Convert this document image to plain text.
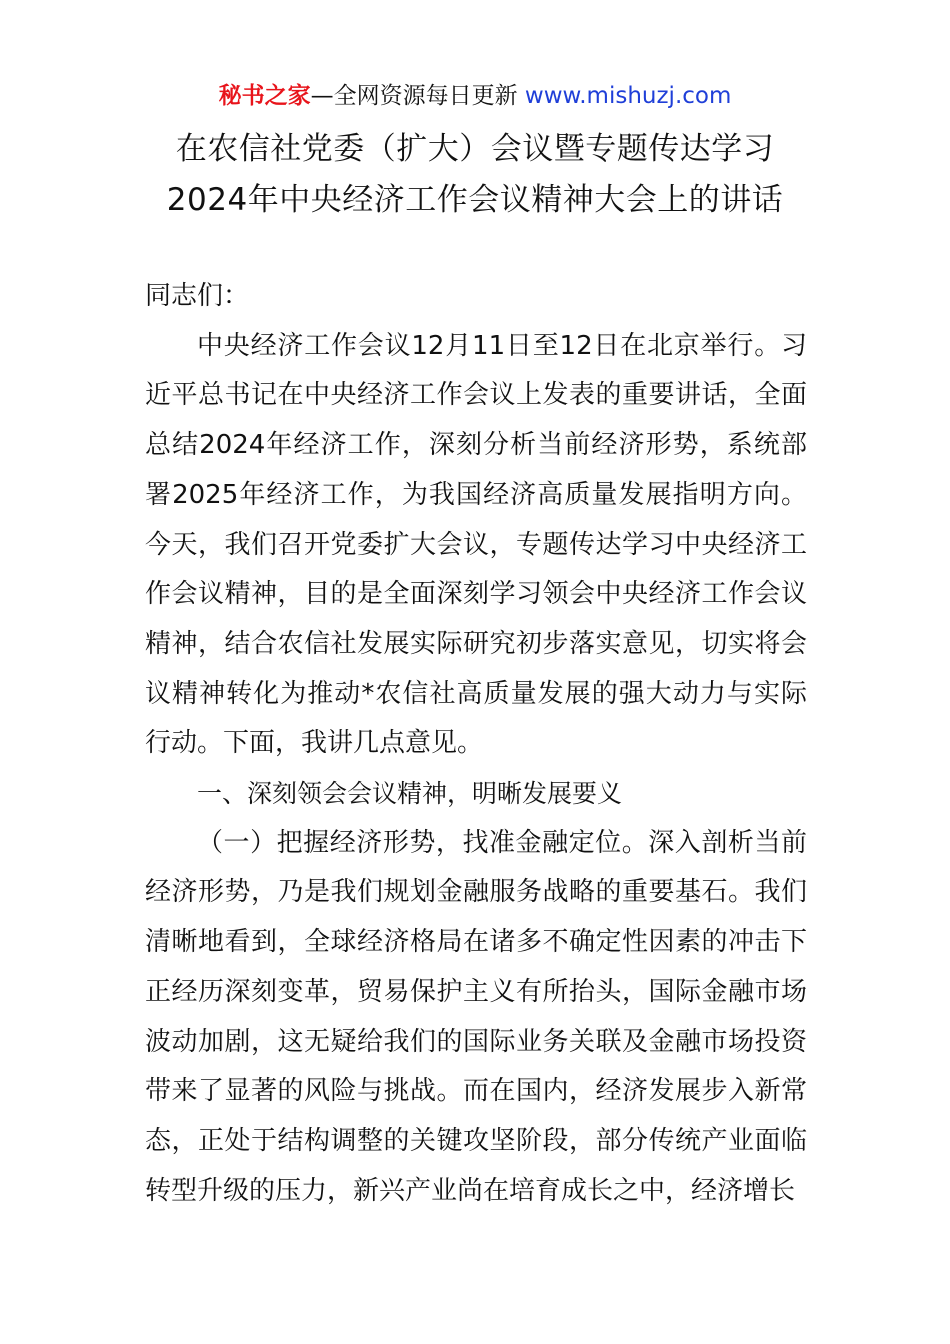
秘书之家—全网资源每日更新 www.mishuzj.com
在农信社党委（扩大）会议暨专题传达学习
2024年中央经济工作会议精神大会上的讲话

同志们：

中央经济工作会议12月11日至12日在北京举行。习近平总书记在中央经济工作会议上发表的重要讲话，全面总结2024年经济工作，深刻分析当前经济形势，系统部署2025年经济工作，为我国经济高质量发展指明方向。今天，我们召开党委扩大会议，专题传达学习中央经济工作会议精神，目的是全面深刻学习领会中央经济工作会议精神，结合农信社发展实际研究初步落实意见，切实将会议精神转化为推动*农信社高质量发展的强大动力与实际行动。下面，我讲几点意见。

一、深刻领会会议精神，明晰发展要义

（一）把握经济形势，找准金融定位。深入剖析当前经济形势，乃是我们规划金融服务战略的重要基石。我们清晰地看到，全球经济格局在诸多不确定性因素的冲击下正经历深刻变革，贸易保护主义有所抬头，国际金融市场波动加剧，这无疑给我们的国际业务关联及金融市场投资带来了显著的风险与挑战。而在国内，经济发展步入新常态，正处于结构调整的关键攻坚阶段，部分传统产业面临转型升级的压力，新兴产业尚在培育成长之中，经济增长
